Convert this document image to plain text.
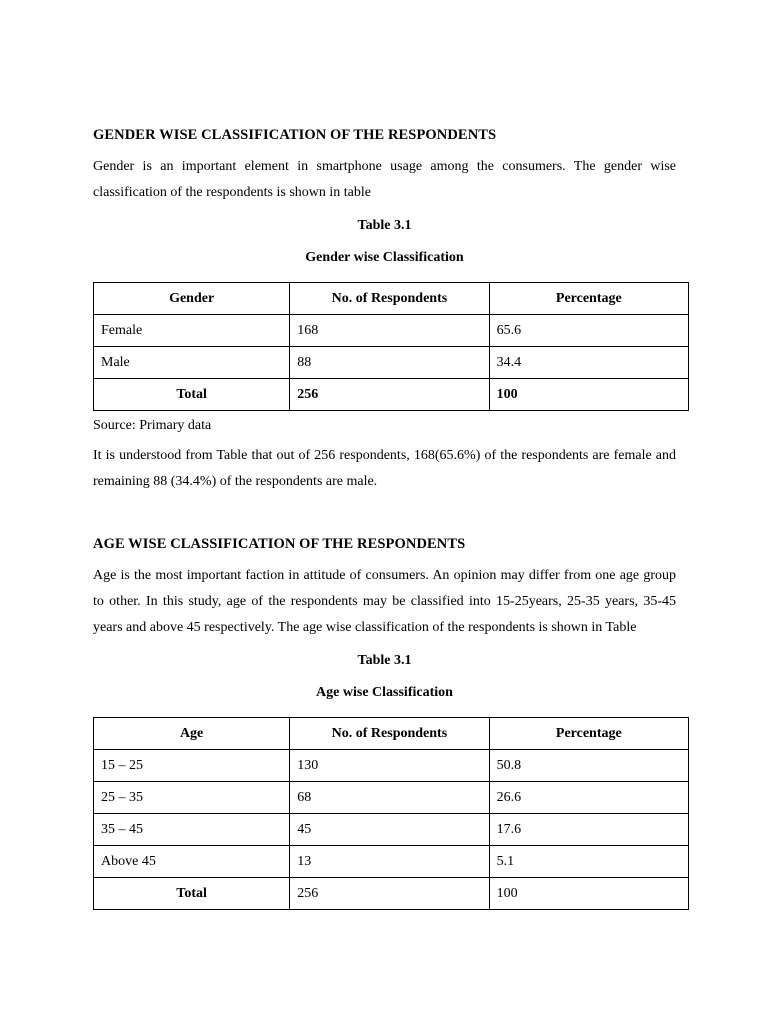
GENDER WISE CLASSIFICATION OF THE RESPONDENTS

Gender is an important element in smartphone usage among the consumers. The gender wise classification of the respondents is shown in table

Table 3.1

Gender wise Classification

Gender	No. of Respondents	Percentage
Female	168	65.6
Male	88	34.4
Total	256	100

Source: Primary data

It is understood from Table that out of 256 respondents, 168(65.6%) of the respondents are female and remaining 88 (34.4%) of the respondents are male.

AGE WISE CLASSIFICATION OF THE RESPONDENTS

Age is the most important faction in attitude of consumers. An opinion may differ from one age group to other. In this study, age of the respondents may be classified into 15-25years, 25-35 years, 35-45 years and above 45 respectively. The age wise classification of the respondents is shown in Table

Table 3.1

Age wise Classification

Age	No. of Respondents	Percentage
15 – 25	130	50.8
25 – 35	68	26.6
35 – 45	45	17.6
Above 45	13	5.1
Total	256	100
